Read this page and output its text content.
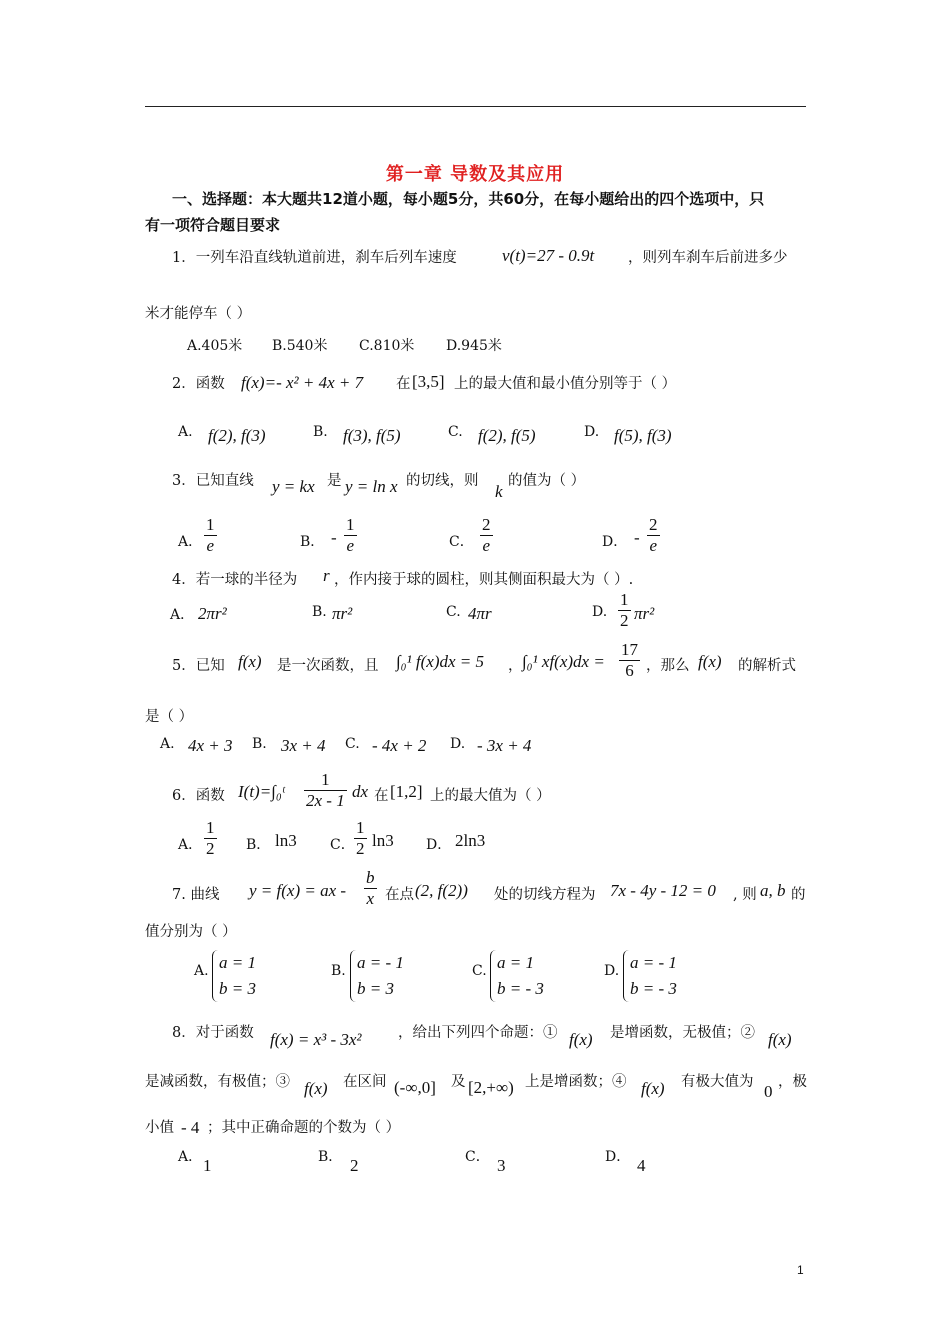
第一章 导数及其应用
一、选择题：本大题共12道小题，每小题5分，共60分，在每小题给出的四个选项中，只
有一项符合题目要求
1．一列车沿直线轨道前进，刹车后列车速度	v(t)=27 - 0.9t ，则列车刹车后前进多少
米才能停车（ ）
A.405米 B.540米 C.810米 D.945米
2．函数 f(x)=- x² + 4x + 7 在 [3,5] 上的最大值和最小值分别等于（ ）
A. f(2), f(3)	B. f(3), f(5)	C. f(2), f(5)	D. f(5), f(3)
3．已知直线 y = kx 是 y = ln x 的切线，则
k
的值为（ ）
A． $\frac{1}{e}$	B． - $\frac{1}{e}$	C． $\frac{2}{e}$	D． - $\frac{2}{e}$
4．若一球的半径为 r ，作内接于球的圆柱，则其侧面积最大为（ ）.
A． 2πr²	B. πr²	C. 4πr	D. $\frac{1}{2} \pi r^2$
5．已知 f(x) 是一次函数，且 ∫₀¹ f(x)dx = 5 ， ∫₀¹ $xf(x)dx = \frac{17}{6}$ ，那么 f(x) 的解析式
是（ ）
A. 4x + 3 B. 3x + 4 C. - 4x + 2 D. - 3x + 4
6．函数 I(t)=∫₀ᵗ $\frac{1}{2x - 1}$ dx 在 [1,2] 上的最大值为（ ）
A． $\frac{1}{2}$ B． ln3 C． $\frac{1}{2} \ln 3$ D． 2ln3
7. 曲线 y = f(x) = ax - $\frac{b}{x}$ 在点 (2, f(2)) 处的切线方程为 7x - 4y - 12 = 0 , 则 a, b 的
值分别为（ ）
A. a = 1
b = 3
B. a = - 1
b = 3
C. a = 1
b = - 3
D. a = - 1
b = - 3
8．对于函数 f(x) = x³ - 3x²	，给出下列四个命题：① f(x) 是增函数，无极值；② f(x)
是减函数，有极值；③ f(x) 在区间 (-∞,0] 及 [2,+∞) 上是增函数；④ f(x) 有极大值为 0 ，极
小值 - 4 ；其中正确命题的个数为（ ）
A． 1	B． 2	C． 3	D． 4
1
